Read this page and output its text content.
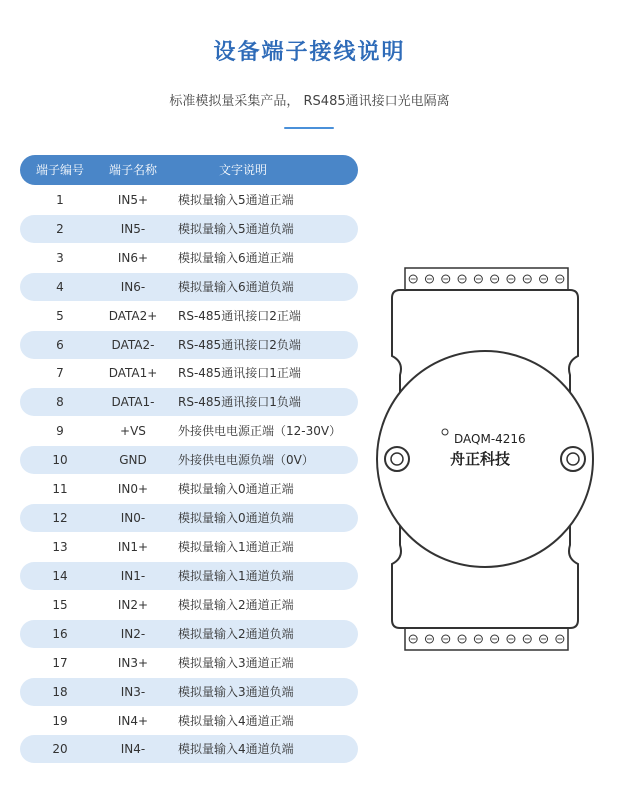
设备端子接线说明
标准模拟量采集产品， RS485通讯接口光电隔离
端子编号	端子名称	文字说明
1	IN5+	模拟量输入5通道正端
2	IN5-	模拟量输入5通道负端
3	IN6+	模拟量输入6通道正端
4	IN6-	模拟量输入6通道负端
5	DATA2+	RS-485通讯接口2正端
6	DATA2-	RS-485通讯接口2负端
7	DATA1+	RS-485通讯接口1正端
8	DATA1-	RS-485通讯接口1负端
9	+VS	外接供电电源正端（12-30V）
10	GND	外接供电电源负端（0V）
11	IN0+	模拟量输入0通道正端
12	IN0-	模拟量输入0通道负端
13	IN1+	模拟量输入1通道正端
14	IN1-	模拟量输入1通道负端
15	IN2+	模拟量输入2通道正端
16	IN2-	模拟量输入2通道负端
17	IN3+	模拟量输入3通道正端
18	IN3-	模拟量输入3通道负端
19	IN4+	模拟量输入4通道正端
20	IN4-	模拟量输入4通道负端
DAQM-4216
舟正科技
